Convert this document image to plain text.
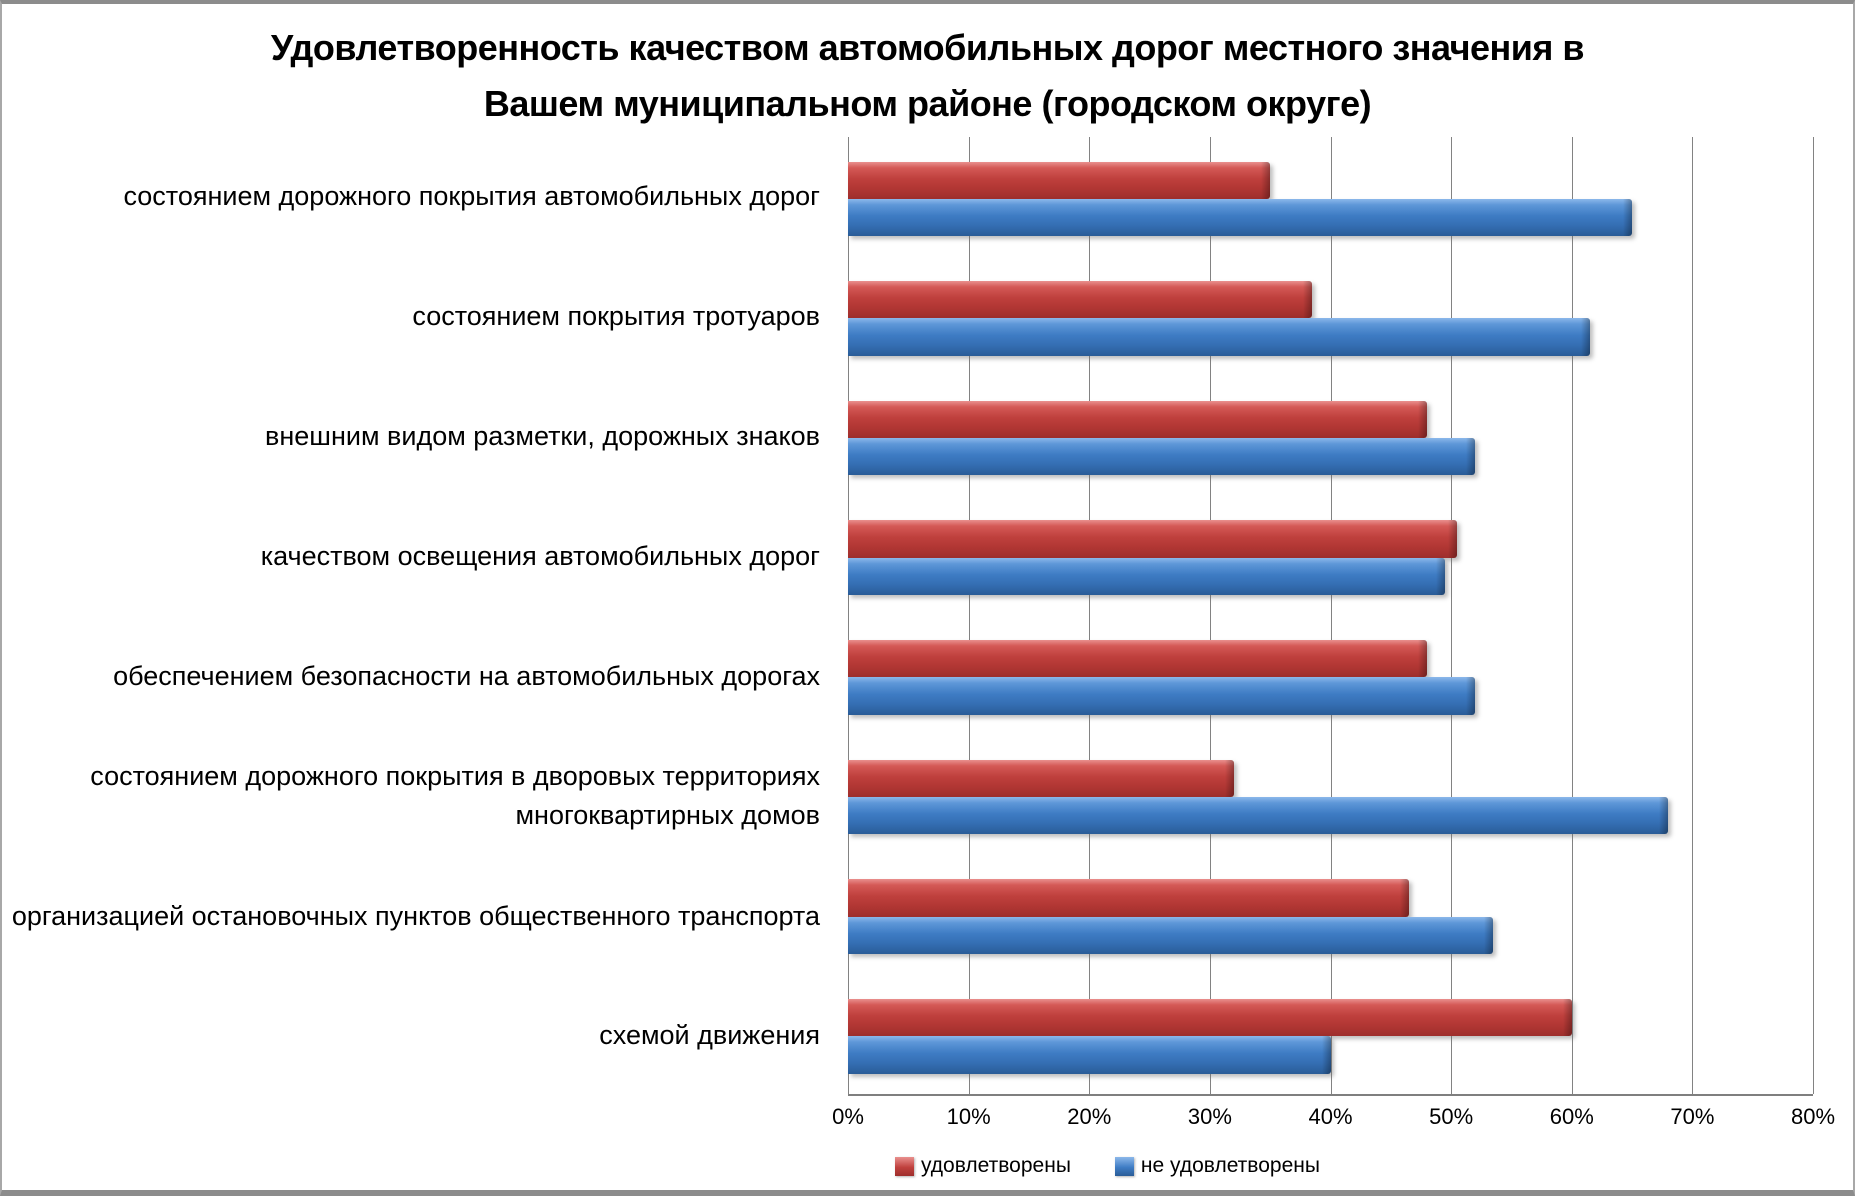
Удовлетворенность качеством автомобильных дорог местного значения в Вашем муниципальном районе (городском округе)
состоянием дорожного покрытия автомобильных дорог
состоянием покрытия тротуаров
внешним видом разметки, дорожных знаков
качеством освещения автомобильных дорог
обеспечением безопасности на автомобильных дорогах
состоянием дорожного покрытия в дворовых территориях многоквартирных домов
организацией остановочных пунктов общественного транспорта
схемой движения
0%	10%	20%	30%	40%	50%	60%	70%	80%
удовлетворены	не удовлетворены
